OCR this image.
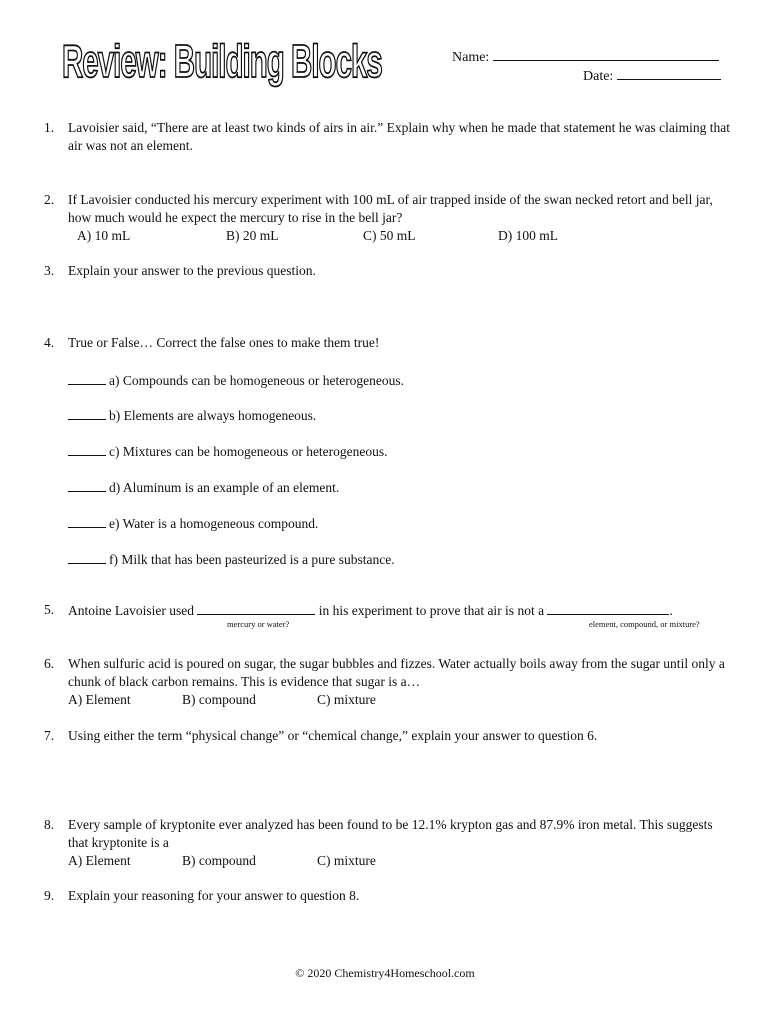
Review: Building Blocks	Name:
Date:
1.	Lavoisier said, “There are at least two kinds of airs in air.” Explain why when he made that statement he was claiming that air was not an element.
2.	If Lavoisier conducted his mercury experiment with 100 mL of air trapped inside of the swan necked retort and bell jar, how much would he expect the mercury to rise in the bell jar?
A) 10 mL	B) 20 mL	C) 50 mL	D) 100 mL
3.	Explain your answer to the previous question.
4.	True or False… Correct the false ones to make them true!
a) Compounds can be homogeneous or heterogeneous.
b) Elements are always homogeneous.
c) Mixtures can be homogeneous or heterogeneous.
d) Aluminum is an example of an element.
e) Water is a homogeneous compound.
f) Milk that has been pasteurized is a pure substance.
5.	Antoine Lavoisier used	in his experiment to prove that air is not a	.
mercury or water?	element, compound, or mixture?
6.	When sulfuric acid is poured on sugar, the sugar bubbles and fizzes. Water actually boils away from the sugar until only a chunk of black carbon remains. This is evidence that sugar is a…
A) Element	B) compound	C) mixture
7.	Using either the term “physical change” or “chemical change,” explain your answer to question 6.
8.	Every sample of kryptonite ever analyzed has been found to be 12.1% krypton gas and 87.9% iron metal. This suggests that kryptonite is a
A) Element	B) compound	C) mixture
9.	Explain your reasoning for your answer to question 8.
© 2020 Chemistry4Homeschool.com
